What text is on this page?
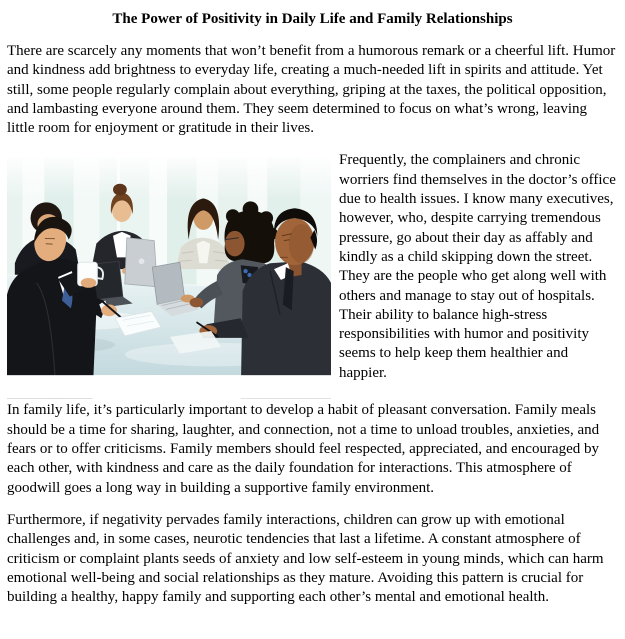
The Power of Positivity in Daily Life and Family Relationships

There are scarcely any moments that won’t benefit from a humorous remark or a cheerful lift. Humor and kindness add brightness to everyday life, creating a much-needed lift in spirits and attitude. Yet still, some people regularly complain about everything, griping at the taxes, the political opposition, and lambasting everyone around them. They seem determined to focus on what’s wrong, leaving little room for enjoyment or gratitude in their lives.

Frequently, the complainers and chronic worriers find themselves in the doctor’s office due to health issues. I know many executives, however, who, despite carrying tremendous pressure, go about their day as affably and kindly as a child skipping down the street. They are the people who get along well with others and manage to stay out of hospitals. Their ability to balance high-stress responsibilities with humor and positivity seems to help keep them healthier and happier.

In family life, it’s particularly important to develop a habit of pleasant conversation. Family meals should be a time for sharing, laughter, and connection, not a time to unload troubles, anxieties, and fears or to offer criticisms. Family members should feel respected, appreciated, and encouraged by each other, with kindness and care as the daily foundation for interactions. This atmosphere of goodwill goes a long way in building a supportive family environment.

Furthermore, if negativity pervades family interactions, children can grow up with emotional challenges and, in some cases, neurotic tendencies that last a lifetime. A constant atmosphere of criticism or complaint plants seeds of anxiety and low self-esteem in young minds, which can harm emotional well-being and social relationships as they mature. Avoiding this pattern is crucial for building a healthy, happy family and supporting each other’s mental and emotional health.
